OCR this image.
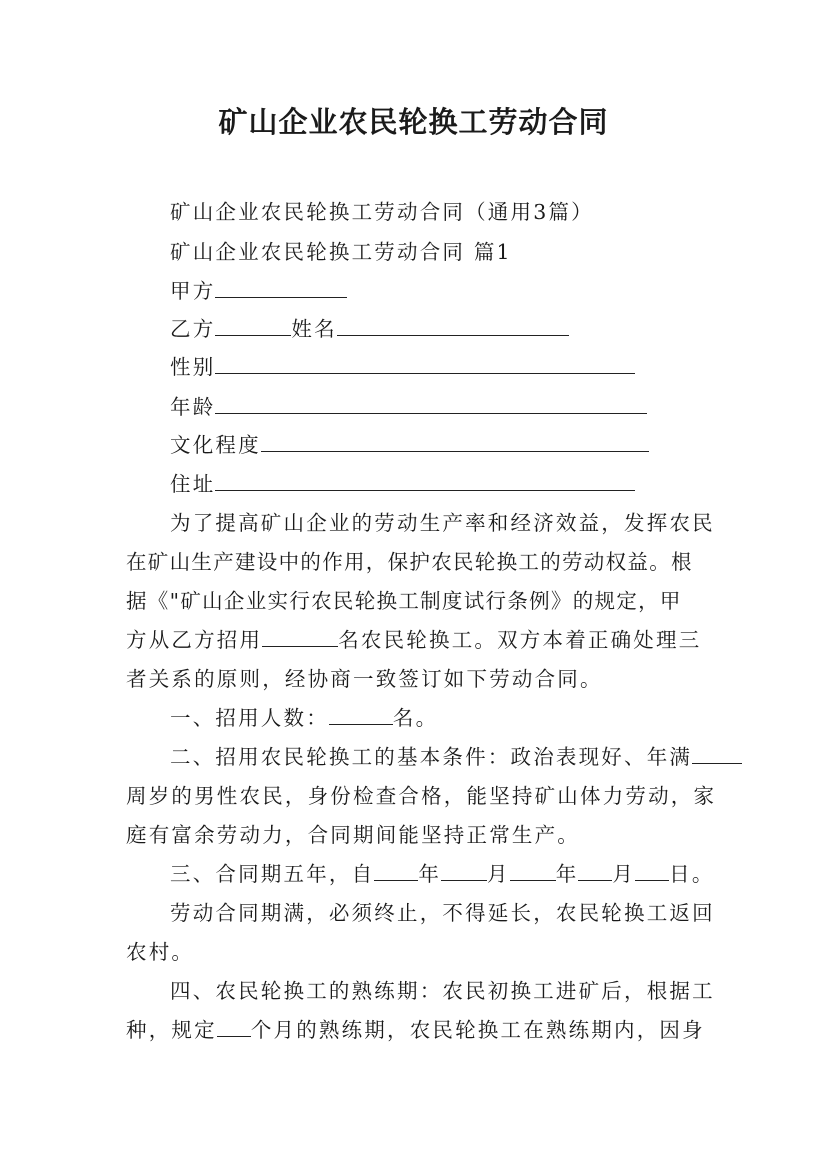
矿山企业农民轮换工劳动合同
矿山企业农民轮换工劳动合同（通用3篇）
矿山企业农民轮换工劳动合同 篇1
甲方
乙方	姓名
性别
年龄
文化程度
住址
为了提高矿山企业的劳动生产率和经济效益，发挥农民
在矿山生产建设中的作用，保护农民轮换工的劳动权益。根
据《"矿山企业实行农民轮换工制度试行条例》的规定，甲
方从乙方招用	名农民轮换工。双方本着正确处理三
者关系的原则，经协商一致签订如下劳动合同。
一、招用人数：	名。
二、招用农民轮换工的基本条件：政治表现好、年满
周岁的男性农民，身份检查合格，能坚持矿山体力劳动，家
庭有富余劳动力，合同期间能坚持正常生产。
三、合同期五年，自 年 月 年 月 日。
劳动合同期满，必须终止，不得延长，农民轮换工返回
农村。
四、农民轮换工的熟练期：农民初换工进矿后，根据工
种，规定 个月的熟练期，农民轮换工在熟练期内，因身
